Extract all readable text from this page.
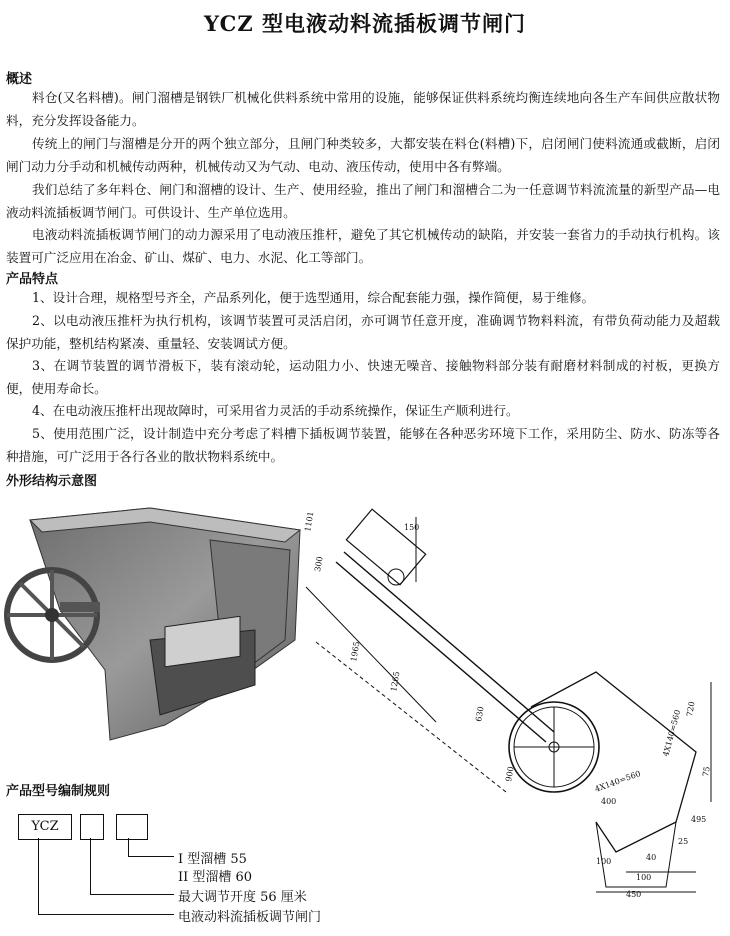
YCZ 型电液动料流插板调节闸门
概述

料仓(又名料槽)。闸门溜槽是钢铁厂机械化供料系统中常用的设施，能够保证供料系统均衡连续地向各生产车间供应散状物料，充分发挥设备能力。

传统上的闸门与溜槽是分开的两个独立部分，且闸门种类较多，大都安装在料仓(料槽)下，启闭闸门使料流通或截断，启闭闸门动力分手动和机械传动两种，机械传动又为气动、电动、液压传动，使用中各有弊端。

我们总结了多年料仓、闸门和溜槽的设计、生产、使用经验，推出了闸门和溜槽合二为一任意调节料流流量的新型产品—电液动料流插板调节闸门。可供设计、生产单位选用。

电液动料流插板调节闸门的动力源采用了电动液压推杆，避免了其它机械传动的缺陷，并安装一套省力的手动执行机构。该装置可广泛应用在冶金、矿山、煤矿、电力、水泥、化工等部门。

产品特点

1、设计合理，规格型号齐全，产品系列化，便于选型通用，综合配套能力强，操作简便，易于维修。

2、以电动液压推杆为执行机构，该调节装置可灵活启闭，亦可调节任意开度，准确调节物料料流，有带负荷动能力及超载保护功能，整机结构紧凑、重量轻、安装调试方便。

3、在调节装置的调节滑板下，装有滚动轮，运动阻力小、快速无噪音、接触物料部分装有耐磨材料制成的衬板，更换方便，使用寿命长。

4、在电动液压推杆出现故障时，可采用省力灵活的手动系统操作，保证生产顺利进行。

5、使用范围广泛，设计制造中充分考虑了料槽下插板调节装置，能够在各种恶劣环境下工作，采用防尘、防水、防冻等各种措施，可广泛用于各行各业的散状物料系统中。

外形结构示意图
300
150
1965
1265
630
900
400
450
100
720
4X140=560
4X140=560	75
495
25
40
100
1101
产品型号编制规则
YCZ
I 型溜槽 55
II 型溜槽 60
最大调节开度 56 厘米
电液动料流插板调节闸门
